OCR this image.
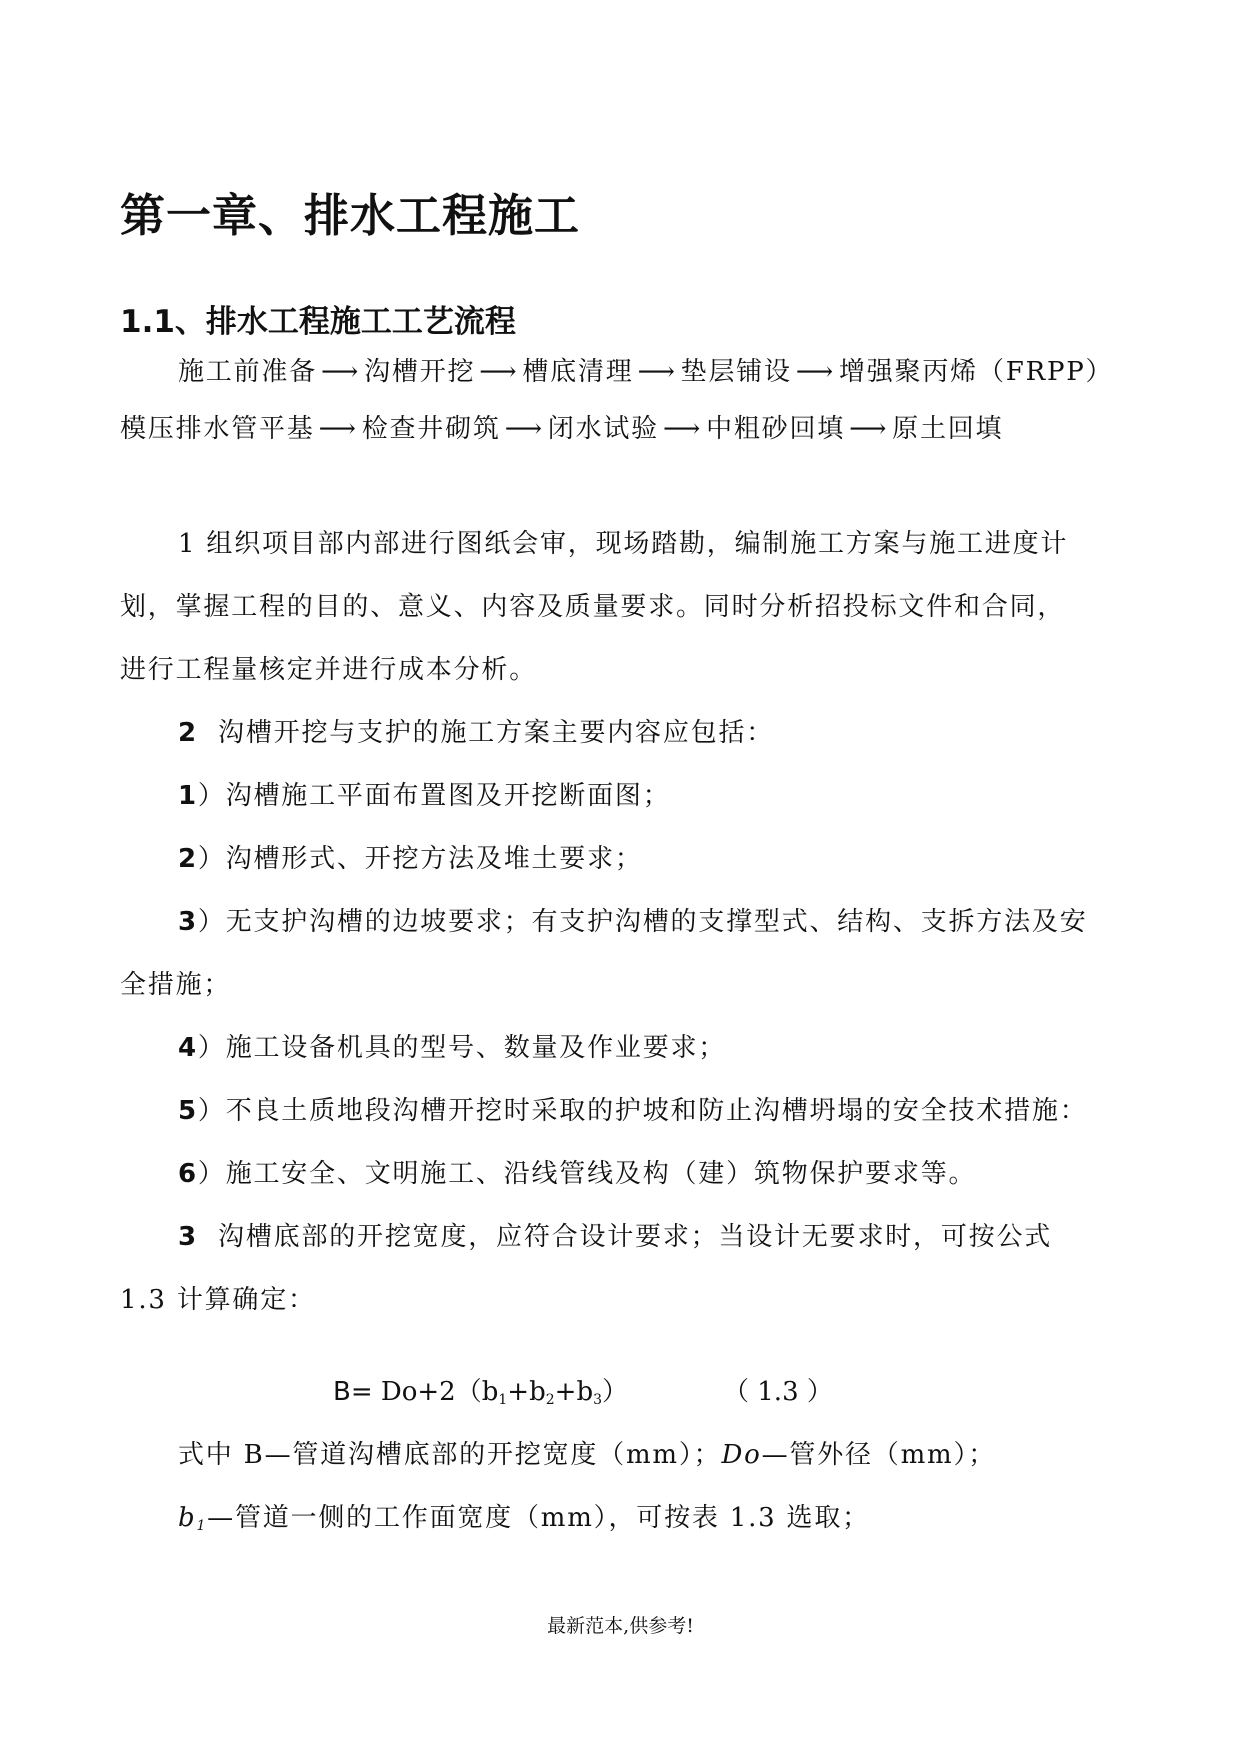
第一章、排水工程施工
1.1、排水工程施工工艺流程

施工前准备 ⟶ 沟槽开挖 ⟶ 槽底清理 ⟶ 垫层铺设 ⟶ 增强聚丙烯（FRPP）

模压排水管平基 ⟶ 检查井砌筑 ⟶ 闭水试验 ⟶ 中粗砂回填 ⟶ 原土回填

1 组织项目部内部进行图纸会审，现场踏勘，编制施工方案与施工进度计

划，掌握工程的目的、意义、内容及质量要求。同时分析招投标文件和合同，

进行工程量核定并进行成本分析。

2 沟槽开挖与支护的施工方案主要内容应包括：

1）沟槽施工平面布置图及开挖断面图；

2）沟槽形式、开挖方法及堆土要求；

3）无支护沟槽的边坡要求；有支护沟槽的支撑型式、结构、支拆方法及安

全措施；

4）施工设备机具的型号、数量及作业要求；

5）不良土质地段沟槽开挖时采取的护坡和防止沟槽坍塌的安全技术措施：

6）施工安全、文明施工、沿线管线及构（建）筑物保护要求等。

3 沟槽底部的开挖宽度，应符合设计要求；当设计无要求时，可按公式

1.3 计算确定：

$B= Do+2(b_1+b_2+b_3)$	（ 1.3 ）

式中 B—管道沟槽底部的开挖宽度（mm）；Do—管外径（mm）；

$b_1—$管道一侧的工作面宽度（mm），可按表 1.3 选取；

最新范本,供参考!
